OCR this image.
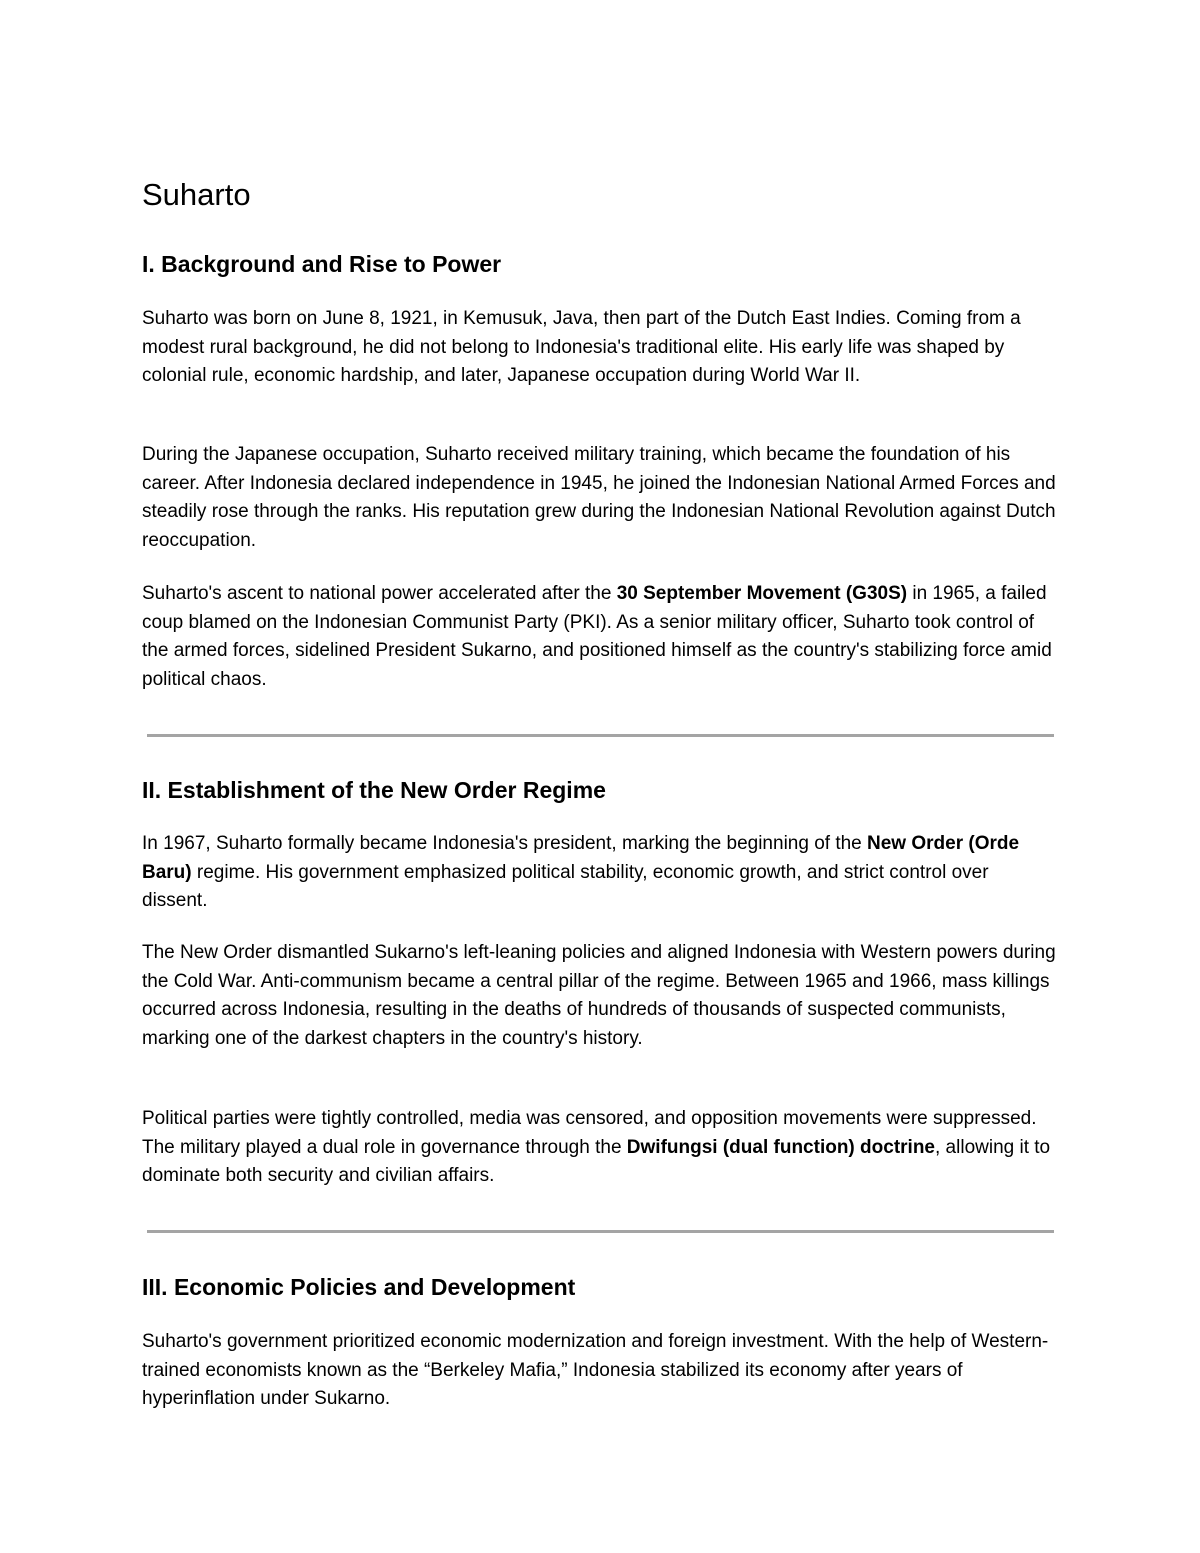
Suharto
I. Background and Rise to Power

Suharto was born on June 8, 1921, in Kemusuk, Java, then part of the Dutch East Indies. Coming from a modest rural background, he did not belong to Indonesia's traditional elite. His early life was shaped by colonial rule, economic hardship, and later, Japanese occupation during World War II.

During the Japanese occupation, Suharto received military training, which became the foundation of his career. After Indonesia declared independence in 1945, he joined the Indonesian National Armed Forces and steadily rose through the ranks. His reputation grew during the Indonesian National Revolution against Dutch reoccupation.

Suharto's ascent to national power accelerated after the 30 September Movement (G30S) in 1965, a failed coup blamed on the Indonesian Communist Party (PKI). As a senior military officer, Suharto took control of the armed forces, sidelined President Sukarno, and positioned himself as the country's stabilizing force amid political chaos.

II. Establishment of the New Order Regime

In 1967, Suharto formally became Indonesia's president, marking the beginning of the New Order (Orde Baru) regime. His government emphasized political stability, economic growth, and strict control over dissent.

The New Order dismantled Sukarno's left-leaning policies and aligned Indonesia with Western powers during the Cold War. Anti-communism became a central pillar of the regime. Between 1965 and 1966, mass killings occurred across Indonesia, resulting in the deaths of hundreds of thousands of suspected communists, marking one of the darkest chapters in the country's history.

Political parties were tightly controlled, media was censored, and opposition movements were suppressed. The military played a dual role in governance through the Dwifungsi (dual function) doctrine, allowing it to dominate both security and civilian affairs.

III. Economic Policies and Development

Suharto's government prioritized economic modernization and foreign investment. With the help of Western-trained economists known as the “Berkeley Mafia,” Indonesia stabilized its economy after years of hyperinflation under Sukarno.
